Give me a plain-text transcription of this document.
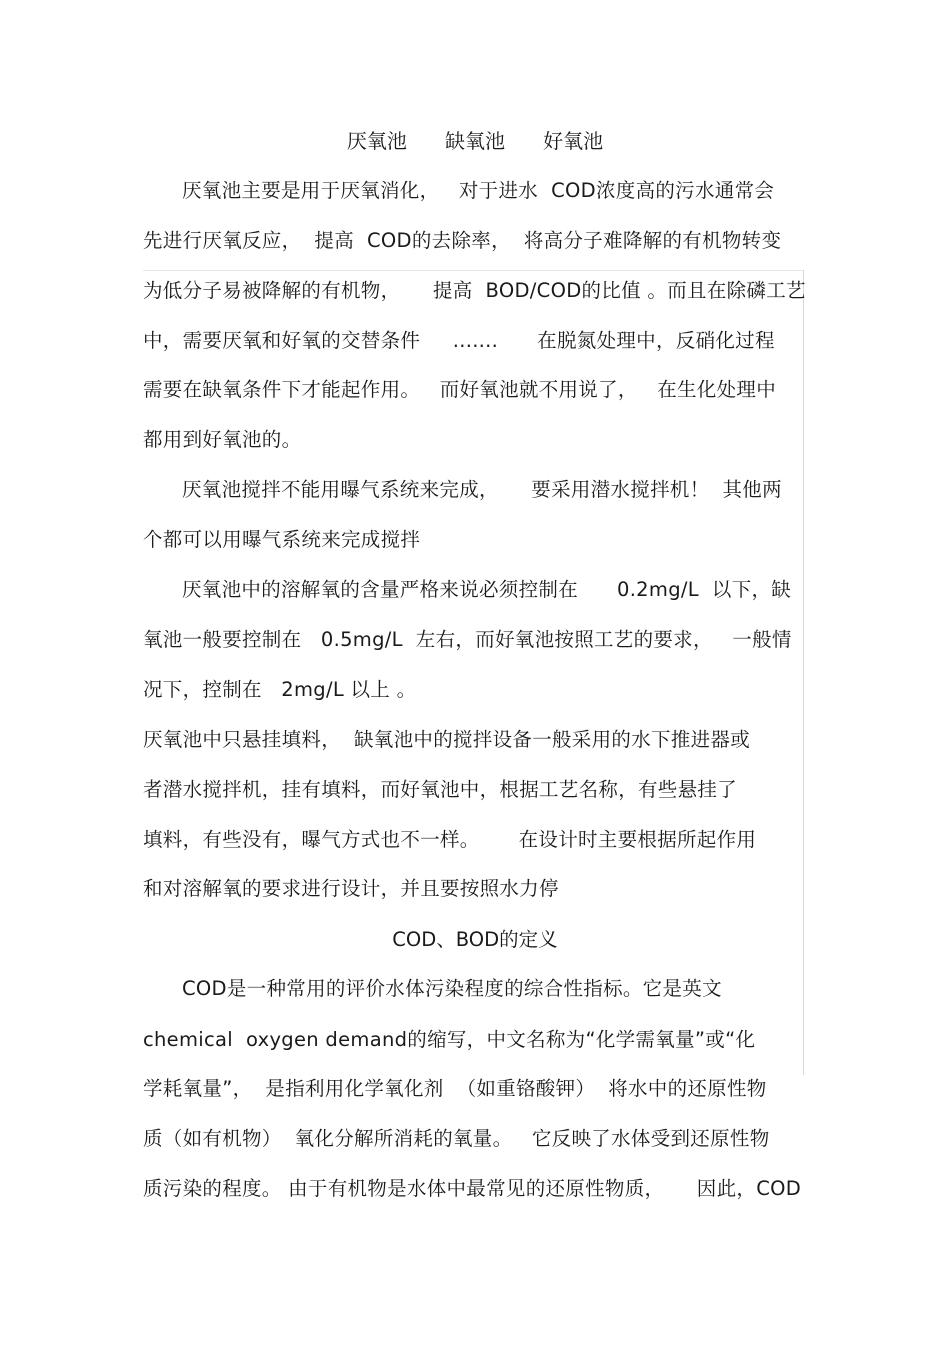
厌氧池      缺氧池      好氧池
厌氧池主要是用于厌氧消化，   对于进水  COD浓度高的污水通常会
先进行厌氧反应，  提高  COD的去除率，  将高分子难降解的有机物转变
为低分子易被降解的有机物，     提高  BOD/COD的比值 。而且在除磷工艺
中，需要厌氧和好氧的交替条件     .......      在脱氮处理中，反硝化过程
需要在缺氧条件下才能起作用。   而好氧池就不用说了，   在生化处理中
都用到好氧池的。
厌氧池搅拌不能用曝气系统来完成，     要采用潜水搅拌机！  其他两
个都可以用曝气系统来完成搅拌
厌氧池中的溶解氧的含量严格来说必须控制在      0.2mg/L  以下，缺
氧池一般要控制在   0.5mg/L  左右，而好氧池按照工艺的要求，   一般情
况下，控制在   2mg/L 以上 。
厌氧池中只悬挂填料，  缺氧池中的搅拌设备一般采用的水下推进器或
者潜水搅拌机，挂有填料，而好氧池中，根据工艺名称，有些悬挂了
填料，有些没有，曝气方式也不一样。      在设计时主要根据所起作用
和对溶解氧的要求进行设计，并且要按照水力停
COD、BOD的定义
COD是一种常用的评价水体污染程度的综合性指标。它是英文
chemical  oxygen demand的缩写，中文名称为“化学需氧量”或“化
学耗氧量”，  是指利用化学氧化剂  （如重铬酸钾）  将水中的还原性物
质（如有机物）  氧化分解所消耗的氧量。   它反映了水体受到还原性物
质污染的程度。 由于有机物是水体中最常见的还原性物质，     因此，COD
